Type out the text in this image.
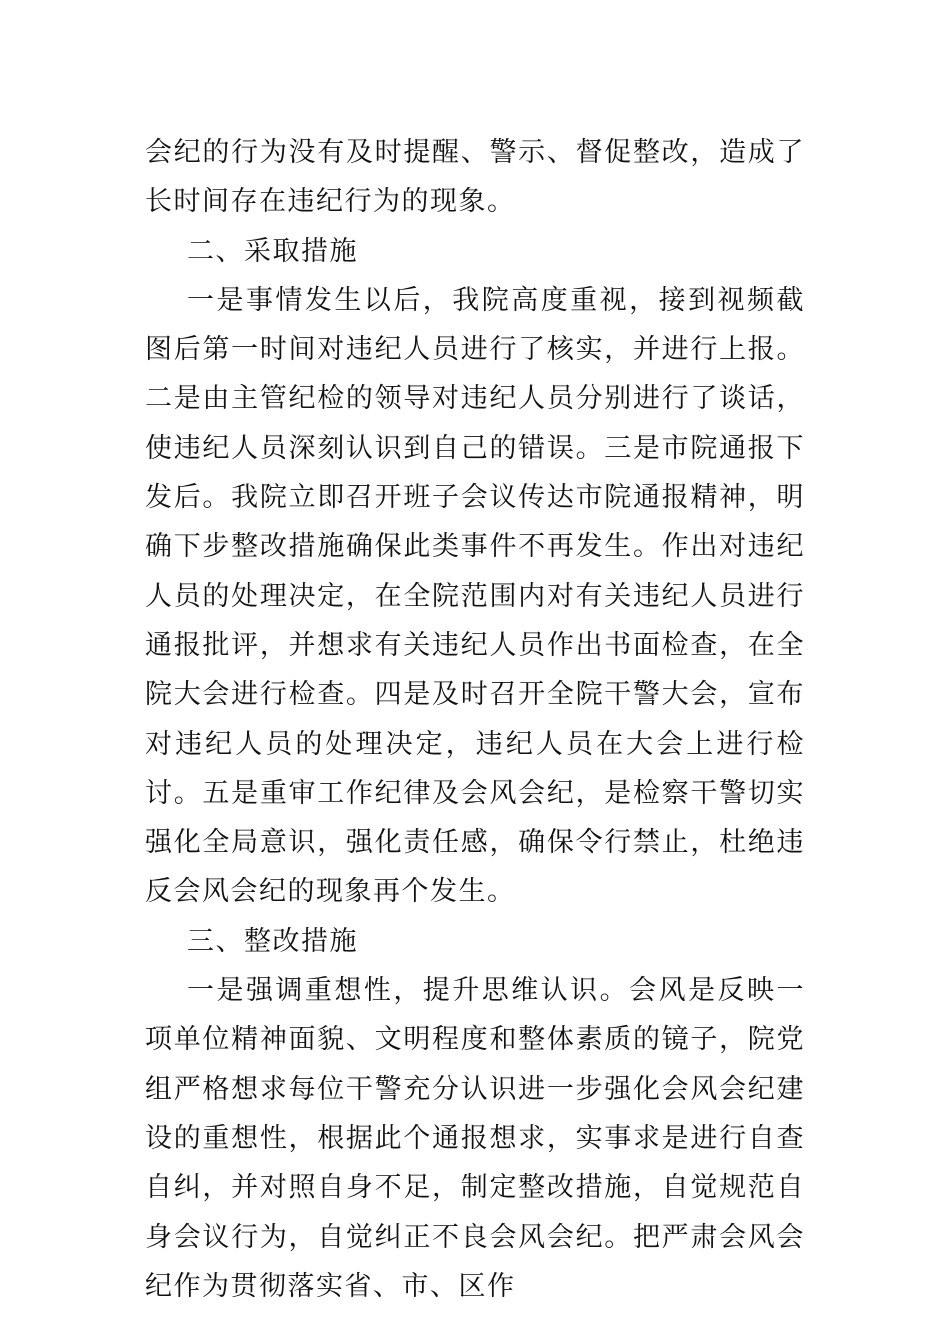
会纪的行为没有及时提醒、警示、督促整改，造成了长时间存在违纪行为的现象。

二、采取措施

一是事情发生以后，我院高度重视，接到视频截图后第一时间对违纪人员进行了核实，并进行上报。二是由主管纪检的领导对违纪人员分别进行了谈话，使违纪人员深刻认识到自己的错误。三是市院通报下发后。我院立即召开班子会议传达市院通报精神，明确下步整改措施确保此类事件不再发生。作出对违纪人员的处理决定，在全院范围内对有关违纪人员进行通报批评，并想求有关违纪人员作出书面检查，在全院大会进行检查。四是及时召开全院干警大会，宣布对违纪人员的处理决定，违纪人员在大会上进行检讨。五是重审工作纪律及会风会纪，是检察干警切实强化全局意识，强化责任感，确保令行禁止，杜绝违反会风会纪的现象再个发生。

三、整改措施

一是强调重想性，提升思维认识。会风是反映一项单位精神面貌、文明程度和整体素质的镜子，院党组严格想求每位干警充分认识进一步强化会风会纪建设的重想性，根据此个通报想求，实事求是进行自查自纠，并对照自身不足，制定整改措施，自觉规范自身会议行为，自觉纠正不良会风会纪。把严肃会风会纪作为贯彻落实省、市、区作
